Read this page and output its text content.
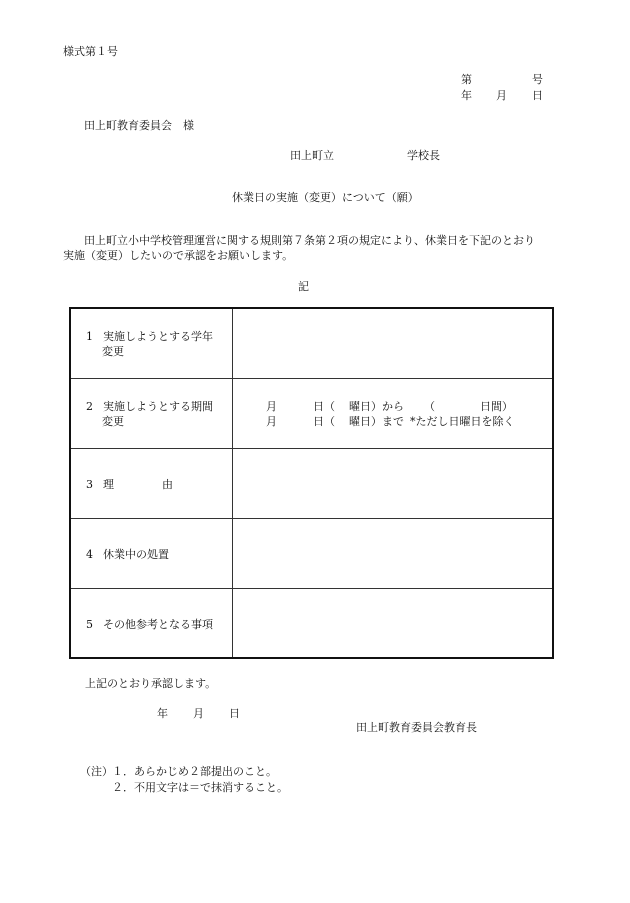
様式第１号
第	号
年 月 日
田上町教育委員会　様
田上町立	学校長
休業日の実施（変更）について（願）
田上町立小中学校管理運営に関する規則第７条第２項の規定により、休業日を下記のとおり
実施（変更）したいので承認をお願いします。
記
1 実施しようとする学年
変更
2 実施しようとする期間
変更
月	日（ 曜日）から （	日間）
月	日（ 曜日）まで *ただし日曜日を除く
3 理	由
4 休業中の処置
5 その他参考となる事項
上記のとおり承認します。
年 月 日
田上町教育委員会教育長
（注） １．あらかじめ２部提出のこと。
２．不用文字は＝で抹消すること。
